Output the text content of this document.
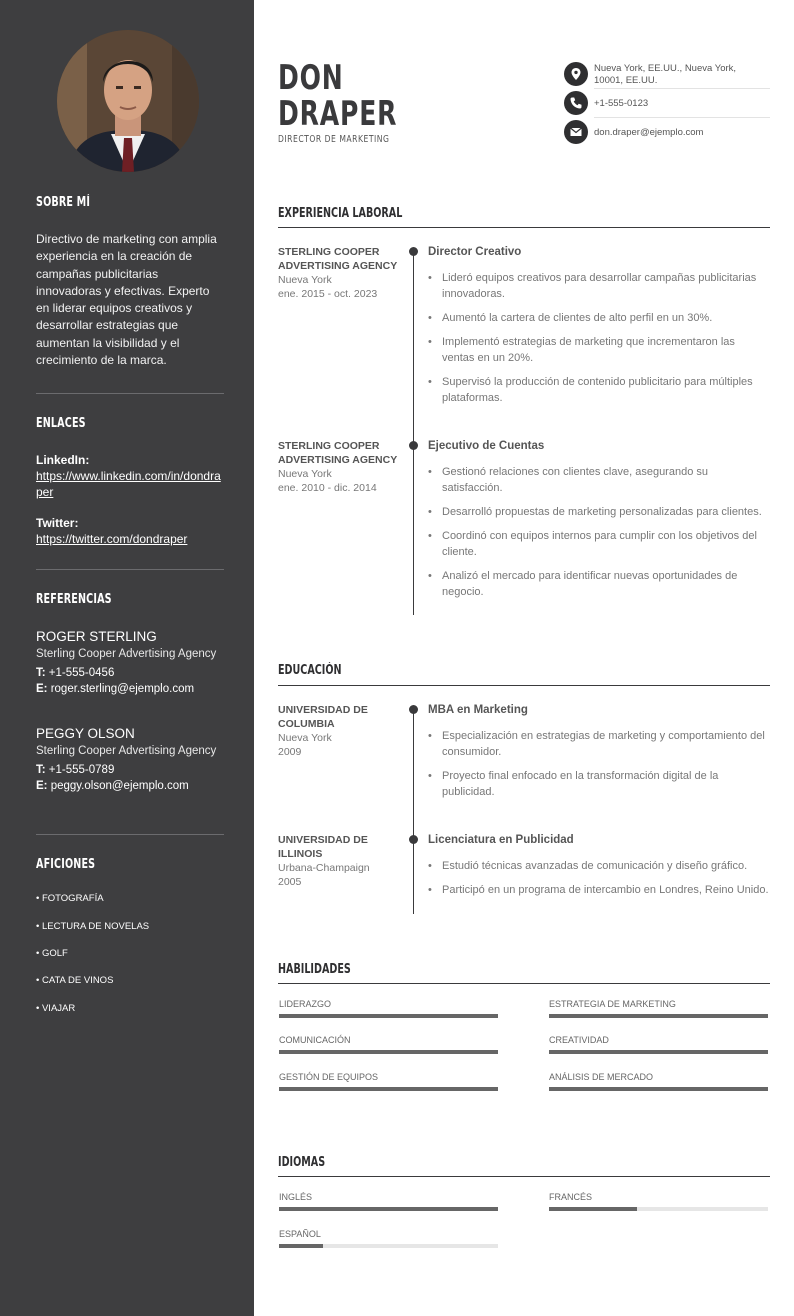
SOBRE MÍ
Directivo de marketing con amplia experiencia en la creación de campañas publicitarias innovadoras y efectivas. Experto en liderar equipos creativos y desarrollar estrategias que aumentan la visibilidad y el crecimiento de la marca.
ENLACES
LinkedIn:
https://www.linkedin.com/in/dondraper
Twitter:
https://twitter.com/dondraper
REFERENCIAS
ROGER STERLING
Sterling Cooper Advertising Agency
T: +1-555-0456
E: roger.sterling@ejemplo.com
PEGGY OLSON
Sterling Cooper Advertising Agency
T: +1-555-0789
E: peggy.olson@ejemplo.com
AFICIONES
• FOTOGRAFÍA
• LECTURA DE NOVELAS
• GOLF
• CATA DE VINOS
• VIAJAR
DON
DRAPER
DIRECTOR DE MARKETING
Nueva York, EE.UU., Nueva York,
10001, EE.UU.
+1-555-0123
don.draper@ejemplo.com
EXPERIENCIA LABORAL
STERLING COOPER ADVERTISING AGENCY
Nueva York
ene. 2015 - oct. 2023
Director Creativo
• Lideró equipos creativos para desarrollar campañas publicitarias innovadoras.
• Aumentó la cartera de clientes de alto perfil en un 30%.
• Implementó estrategias de marketing que incrementaron las ventas en un 20%.
• Supervisó la producción de contenido publicitario para múltiples plataformas.
STERLING COOPER ADVERTISING AGENCY
Nueva York
ene. 2010 - dic. 2014
Ejecutivo de Cuentas
• Gestionó relaciones con clientes clave, asegurando su satisfacción.
• Desarrolló propuestas de marketing personalizadas para clientes.
• Coordinó con equipos internos para cumplir con los objetivos del cliente.
• Analizó el mercado para identificar nuevas oportunidades de negocio.
EDUCACIÓN
UNIVERSIDAD DE COLUMBIA
Nueva York
2009
MBA en Marketing
• Especialización en estrategias de marketing y comportamiento del consumidor.
• Proyecto final enfocado en la transformación digital de la publicidad.
UNIVERSIDAD DE ILLINOIS
Urbana-Champaign
2005
Licenciatura en Publicidad
• Estudió técnicas avanzadas de comunicación y diseño gráfico.
• Participó en un programa de intercambio en Londres, Reino Unido.
HABILIDADES
LIDERAZGO	ESTRATEGIA DE MARKETING
COMUNICACIÓN	CREATIVIDAD
GESTIÓN DE EQUIPOS	ANÁLISIS DE MERCADO
IDIOMAS
INGLÉS	FRANCÉS
ESPAÑOL
